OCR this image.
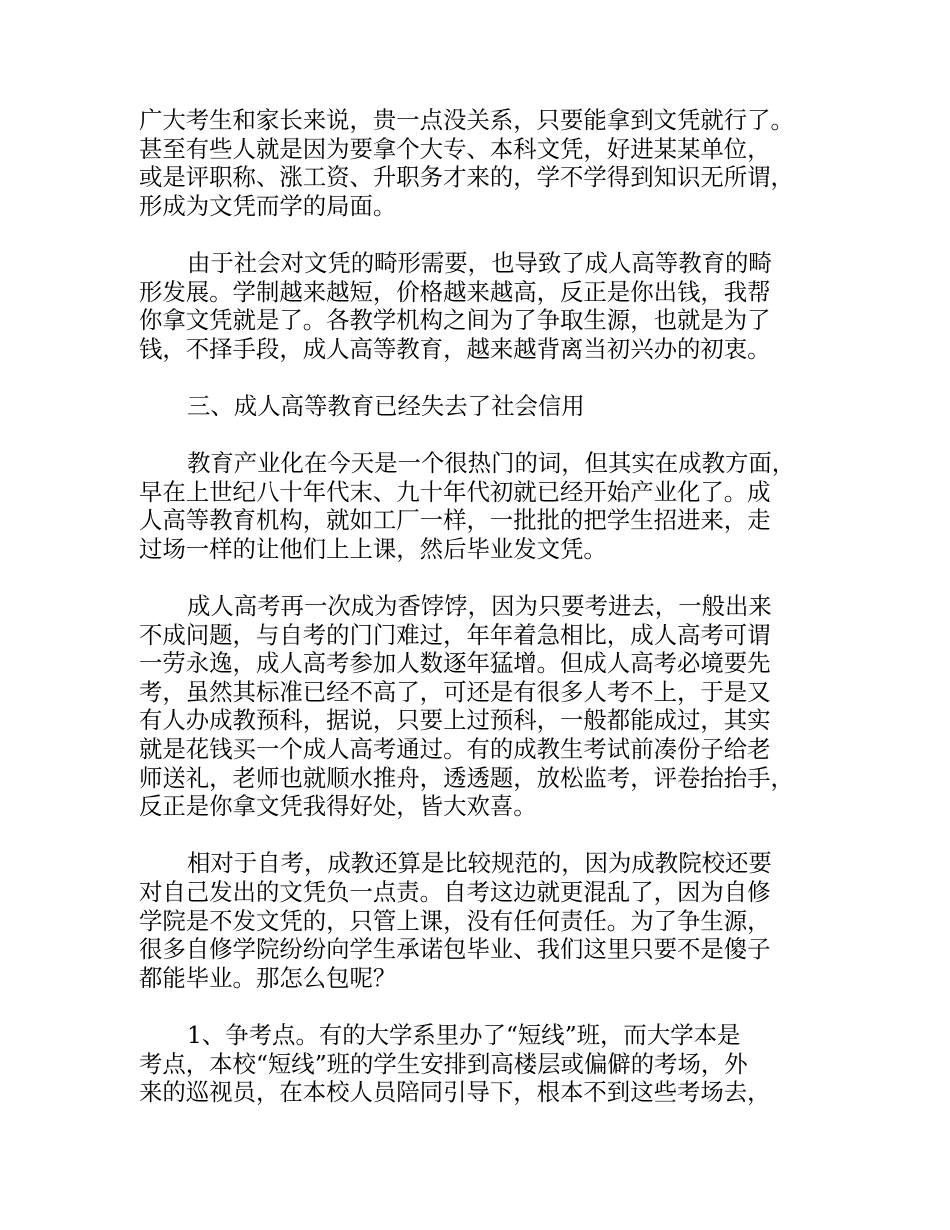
广大考生和家长来说，贵一点没关系，只要能拿到文凭就行了。
甚至有些人就是因为要拿个大专、本科文凭，好进某某单位，
或是评职称、涨工资、升职务才来的，学不学得到知识无所谓，
形成为文凭而学的局面。
由于社会对文凭的畸形需要，也导致了成人高等教育的畸
形发展。学制越来越短，价格越来越高，反正是你出钱，我帮
你拿文凭就是了。各教学机构之间为了争取生源，也就是为了
钱，不择手段，成人高等教育，越来越背离当初兴办的初衷。
三、成人高等教育已经失去了社会信用
教育产业化在今天是一个很热门的词，但其实在成教方面，
早在上世纪八十年代末、九十年代初就已经开始产业化了。成
人高等教育机构，就如工厂一样，一批批的把学生招进来，走
过场一样的让他们上上课，然后毕业发文凭。
成人高考再一次成为香饽饽，因为只要考进去，一般出来
不成问题，与自考的门门难过，年年着急相比，成人高考可谓
一劳永逸，成人高考参加人数逐年猛增。但成人高考必境要先
考，虽然其标准已经不高了，可还是有很多人考不上，于是又
有人办成教预科，据说，只要上过预科，一般都能成过，其实
就是花钱买一个成人高考通过。有的成教生考试前凑份子给老
师送礼，老师也就顺水推舟，透透题，放松监考，评卷抬抬手，
反正是你拿文凭我得好处，皆大欢喜。
相对于自考，成教还算是比较规范的，因为成教院校还要
对自己发出的文凭负一点责。自考这边就更混乱了，因为自修
学院是不发文凭的，只管上课，没有任何责任。为了争生源，
很多自修学院纷纷向学生承诺包毕业、我们这里只要不是傻子
都能毕业。那怎么包呢？
1、争考点。有的大学系里办了“短线”班，而大学本是
考点，本校“短线”班的学生安排到高楼层或偏僻的考场，外
来的巡视员，在本校人员陪同引导下，根本不到这些考场去，
